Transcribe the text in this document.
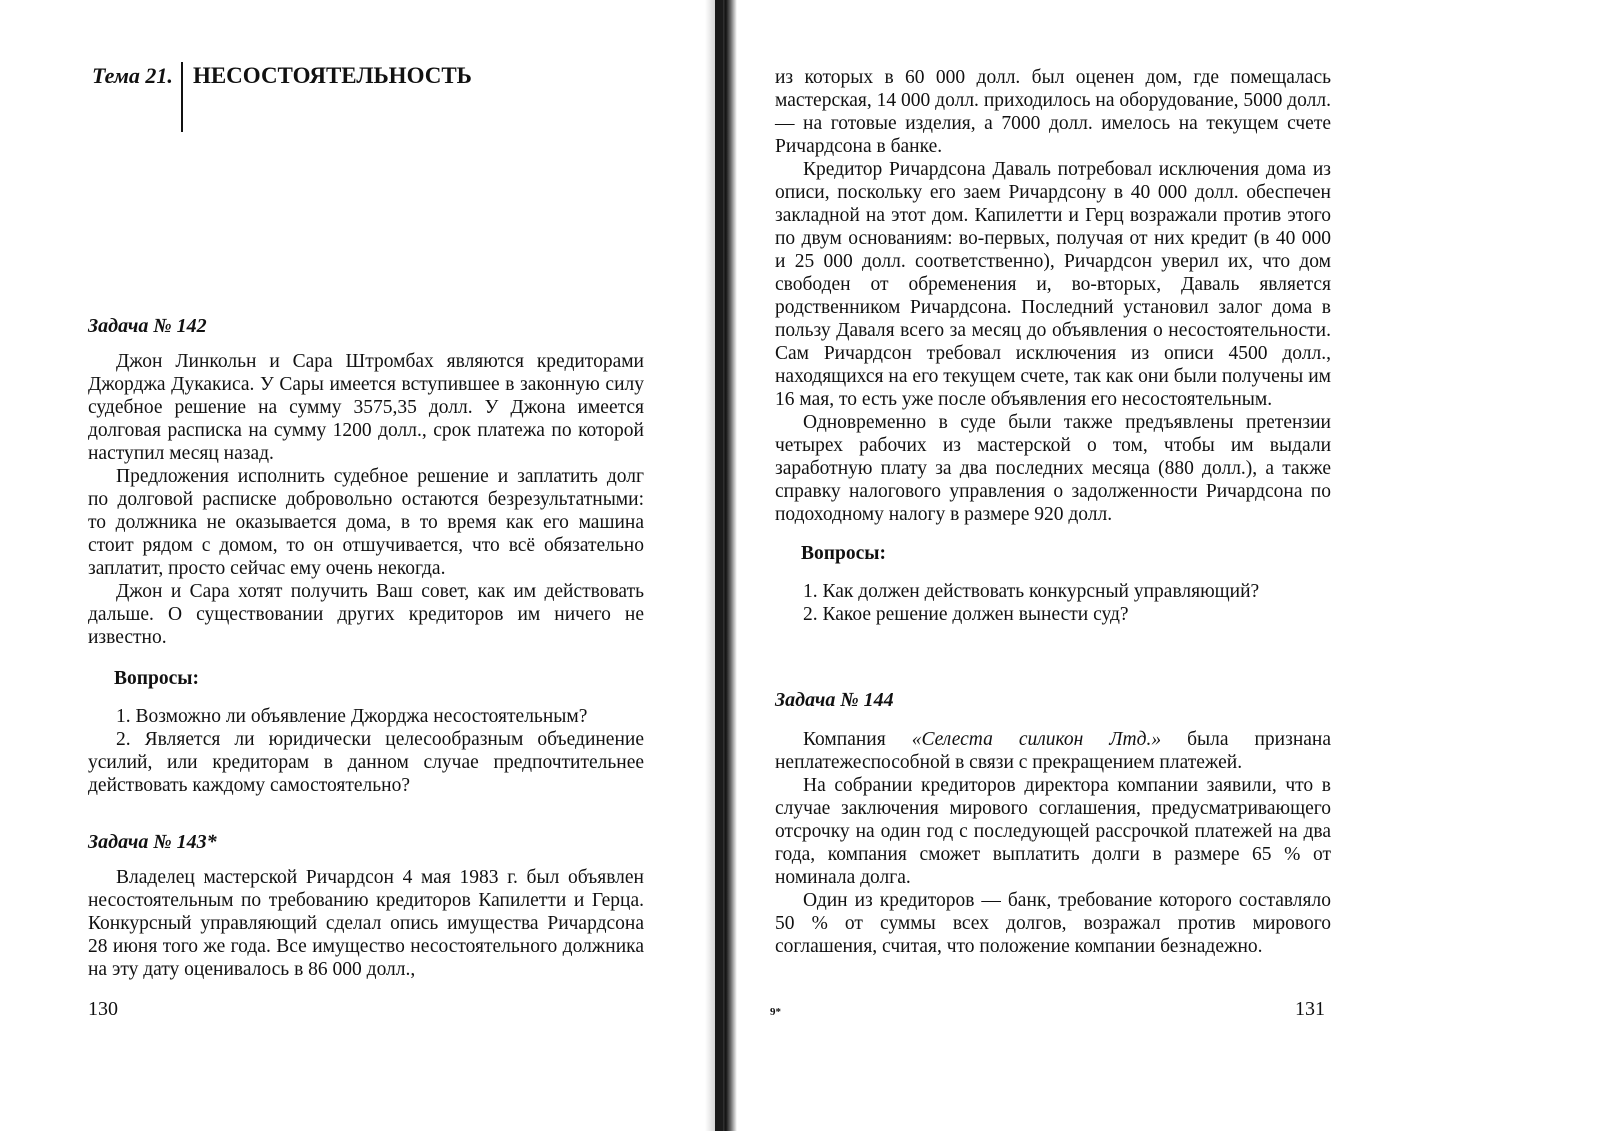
Тема 21. НЕСОСТОЯТЕЛЬНОСТЬ

Задача № 142

Джон Линкольн и Сара Штромбах являются кредиторами Джорджа Дукакиса. У Сары имеется вступившее в законную силу судебное решение на сумму 3575,35 долл. У Джона имеется долговая расписка на сумму 1200 долл., срок платежа по которой наступил месяц назад.

Предложения исполнить судебное решение и заплатить долг по долговой расписке добровольно остаются безрезультатными: то должника не оказывается дома, в то время как его машина стоит рядом с домом, то он отшучивается, что всё обязательно заплатит, просто сейчас ему очень некогда.

Джон и Сара хотят получить Ваш совет, как им действовать дальше. О существовании других кредиторов им ничего не известно.

Вопросы:

1. Возможно ли объявление Джорджа несостоятельным?

2. Является ли юридически целесообразным объединение усилий, или кредиторам в данном случае предпочтительнее действовать каждому самостоятельно?

Задача № 143*

Владелец мастерской Ричардсон 4 мая 1983 г. был объявлен несостоятельным по требованию кредиторов Капилетти и Герца. Конкурсный управляющий сделал опись имущества Ричардсона 28 июня того же года. Все имущество несостоятельного должника на эту дату оценивалось в 86 000 долл.,

130

из которых в 60 000 долл. был оценен дом, где помещалась мастерская, 14 000 долл. приходилось на оборудование, 5000 долл. — на готовые изделия, а 7000 долл. имелось на текущем счете Ричардсона в банке.

Кредитор Ричардсона Даваль потребовал исключения дома из описи, поскольку его заем Ричардсону в 40 000 долл. обеспечен закладной на этот дом. Капилетти и Герц возражали против этого по двум основаниям: во-первых, получая от них кредит (в 40 000 и 25 000 долл. соответственно), Ричардсон уверил их, что дом свободен от обременения и, во-вторых, Даваль является родственником Ричардсона. Последний установил залог дома в пользу Даваля всего за месяц до объявления о несостоятельности. Сам Ричардсон требовал исключения из описи 4500 долл., находящихся на его текущем счете, так как они были получены им 16 мая, то есть уже после объявления его несостоятельным.

Одновременно в суде были также предъявлены претензии четырех рабочих из мастерской о том, чтобы им выдали заработную плату за два последних месяца (880 долл.), а также справку налогового управления о задолженности Ричардсона по подоходному налогу в размере 920 долл.

Вопросы:

1. Как должен действовать конкурсный управляющий?

2. Какое решение должен вынести суд?

Задача № 144

Компания «Селеста силикон Лтд.» была признана неплатежеспособной в связи с прекращением платежей.

На собрании кредиторов директора компании заявили, что в случае заключения мирового соглашения, предусматривающего отсрочку на один год с последующей рассрочкой платежей на два года, компания сможет выплатить долги в размере 65 % от номинала долга.

Один из кредиторов — банк, требование которого составляло 50 % от суммы всех долгов, возражал против мирового соглашения, считая, что положение компании безнадежно.

9*	131
